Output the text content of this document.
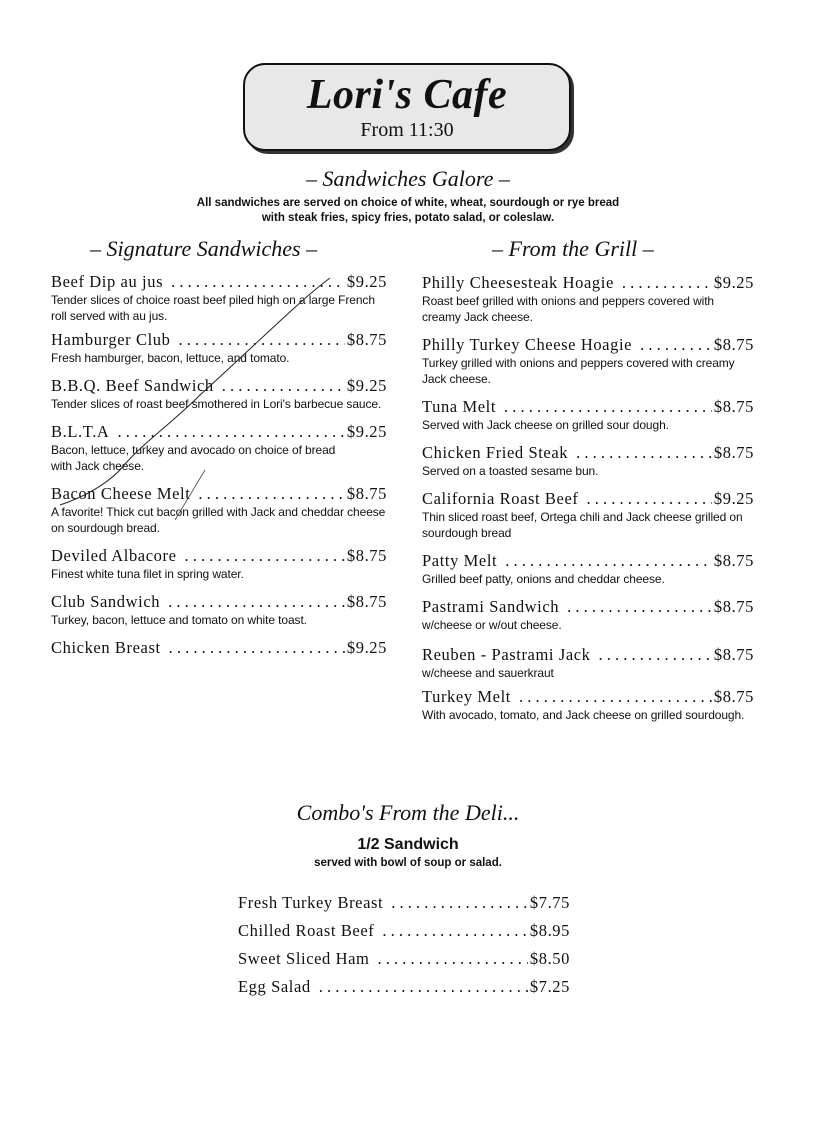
Lori's Cafe
From 11:30
– Sandwiches Galore –
All sandwiches are served on choice of white, wheat, sourdough or rye bread
with steak fries, spicy fries, potato salad, or coleslaw.
– Signature Sandwiches –	– From the Grill –
Beef Dip au jus . . .	$9.25
Tender slices of choice roast beef piled high on a large French roll served with au jus.
Hamburger Club . . .	$8.75
Fresh hamburger, bacon, lettuce, and tomato.
B.B.Q. Beef Sandwich . . .	$9.25
Tender slices of roast beef smothered in Lori's barbecue sauce.
B.L.T.A . . .	$9.25
Bacon, lettuce, turkey and avocado on choice of bread with Jack cheese.
Bacon Cheese Melt . . .	$8.75
A favorite! Thick cut bacon grilled with Jack and cheddar cheese on sourdough bread.
Deviled Albacore . . .	$8.75
Finest white tuna filet in spring water.
Club Sandwich . . .	$8.75
Turkey, bacon, lettuce and tomato on white toast.
Chicken Breast . . .	$9.25
Philly Cheesesteak Hoagie . . .	$9.25
Roast beef grilled with onions and peppers covered with creamy Jack cheese.
Philly Turkey Cheese Hoagie . . .	$8.75
Turkey grilled with onions and peppers covered with creamy Jack cheese.
Tuna Melt . . .	$8.75
Served with Jack cheese on grilled sour dough.
Chicken Fried Steak . . .	$8.75
Served on a toasted sesame bun.
California Roast Beef . . .	$9.25
Thin sliced roast beef, Ortega chili and Jack cheese grilled on sourdough bread
Patty Melt . . .	$8.75
Grilled beef patty, onions and cheddar cheese.
Pastrami Sandwich . . .	$8.75
w/cheese or w/out cheese.
Reuben - Pastrami Jack . . .	$8.75
w/cheese and sauerkraut
Turkey Melt . . .	$8.75
With avocado, tomato, and Jack cheese on grilled sourdough.
Combo's From the Deli...
1/2 Sandwich
served with bowl of soup or salad.
Fresh Turkey Breast . . .	$7.75
Chilled Roast Beef . . .	$8.95
Sweet Sliced Ham . . .	$8.50
Egg Salad . . .	$7.25
